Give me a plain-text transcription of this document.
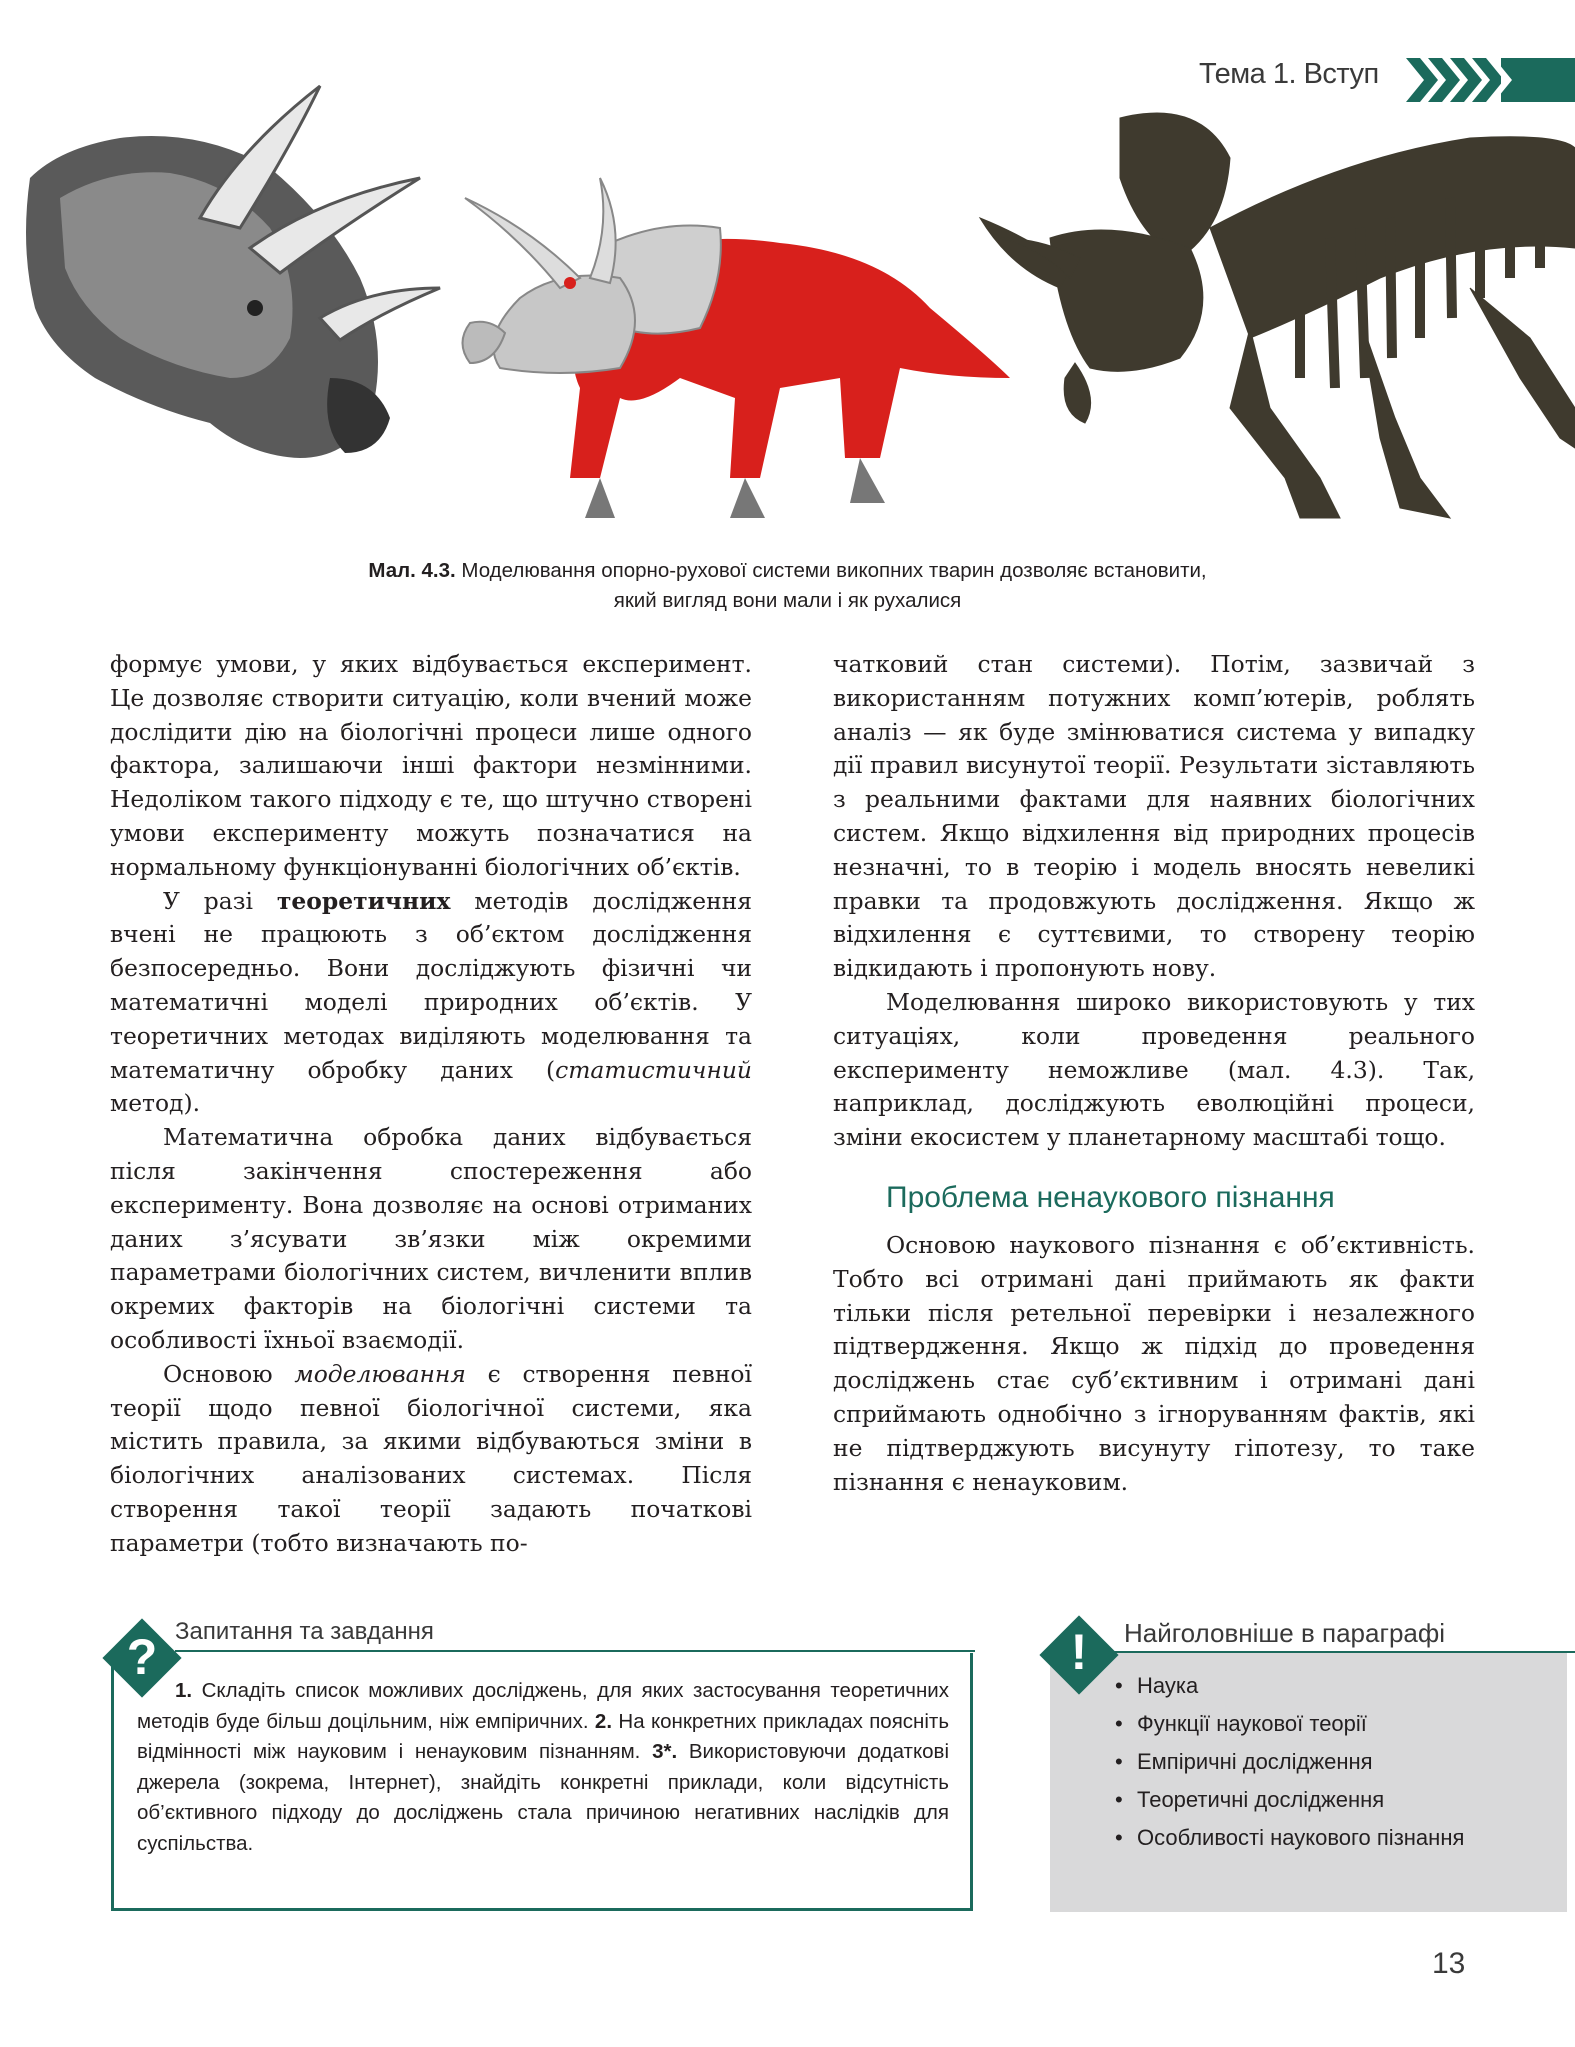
Тема 1. Вступ
Мал. 4.3. Моделювання опорно-рухової системи викопних тварин дозволяє встановити,
який вигляд вони мали і як рухалися

формує умови, у яких відбувається експеримент. Це дозволяє створити ситуацію, коли вчений може дослідити дію на біологічні процеси лише одного фактора, залишаючи інші фактори незмінними. Недоліком такого підходу є те, що штучно створені умови експерименту можуть позначатися на нормальному функціонуванні біологічних об’єктів.

У разі теоретичних методів дослідження вчені не працюють з об’єктом дослідження безпосередньо. Вони досліджують фізичні чи математичні моделі природних об’єктів. У теоретичних методах виділяють моделювання та математичну обробку даних (статистичний метод).

Математична обробка даних відбувається після закінчення спостереження або експерименту. Вона дозволяє на основі отриманих даних з’ясувати зв’язки між окремими параметрами біологічних систем, вичленити вплив окремих факторів на біологічні системи та особливості їхньої взаємодії.

Основою моделювання є створення певної теорії щодо певної біологічної системи, яка містить правила, за якими відбуваються зміни в біологічних аналізованих системах. Після створення такої теорії задають початкові параметри (тобто визначають по-

чатковий стан системи). Потім, зазвичай з використанням потужних комп’ютерів, роблять аналіз — як буде змінюватися система у випадку дії правил висунутої теорії. Результати зіставляють з реальними фактами для наявних біологічних систем. Якщо відхилення від природних процесів незначні, то в теорію і модель вносять невеликі правки та продовжують дослідження. Якщо ж відхилення є суттєвими, то створену теорію відкидають і пропонують нову.

Моделювання широко використовують у тих ситуаціях, коли проведення реального експерименту неможливе (мал. 4.3). Так, наприклад, досліджують еволюційні процеси, зміни екосистем у планетарному масштабі тощо.

Проблема ненаукового пізнання

Основою наукового пізнання є об’єктивність. Тобто всі отримані дані приймають як факти тільки після ретельної перевірки і незалежного підтвердження. Якщо ж підхід до проведення досліджень стає суб’єктивним і отримані дані сприймають однобічно з ігноруванням фактів, які не підтверджують висунуту гіпотезу, то таке пізнання є ненауковим.

? Запитання та завдання
1. Складіть список можливих досліджень, для яких застосування теоретичних методів буде більш доцільним, ніж емпіричних. 2. На конкретних прикладах поясніть відмінності між науковим і ненауковим пізнанням. 3*. Використовуючи додаткові джерела (зокрема, Інтернет), знайдіть конкретні приклади, коли відсутність об’єктивного підходу до досліджень стала причиною негативних наслідків для суспільства.
!	Найголовніше в параграфі
• Наука
• Функції наукової теорії
• Емпіричні дослідження
• Теоретичні дослідження
• Особливості наукового пізнання
13
